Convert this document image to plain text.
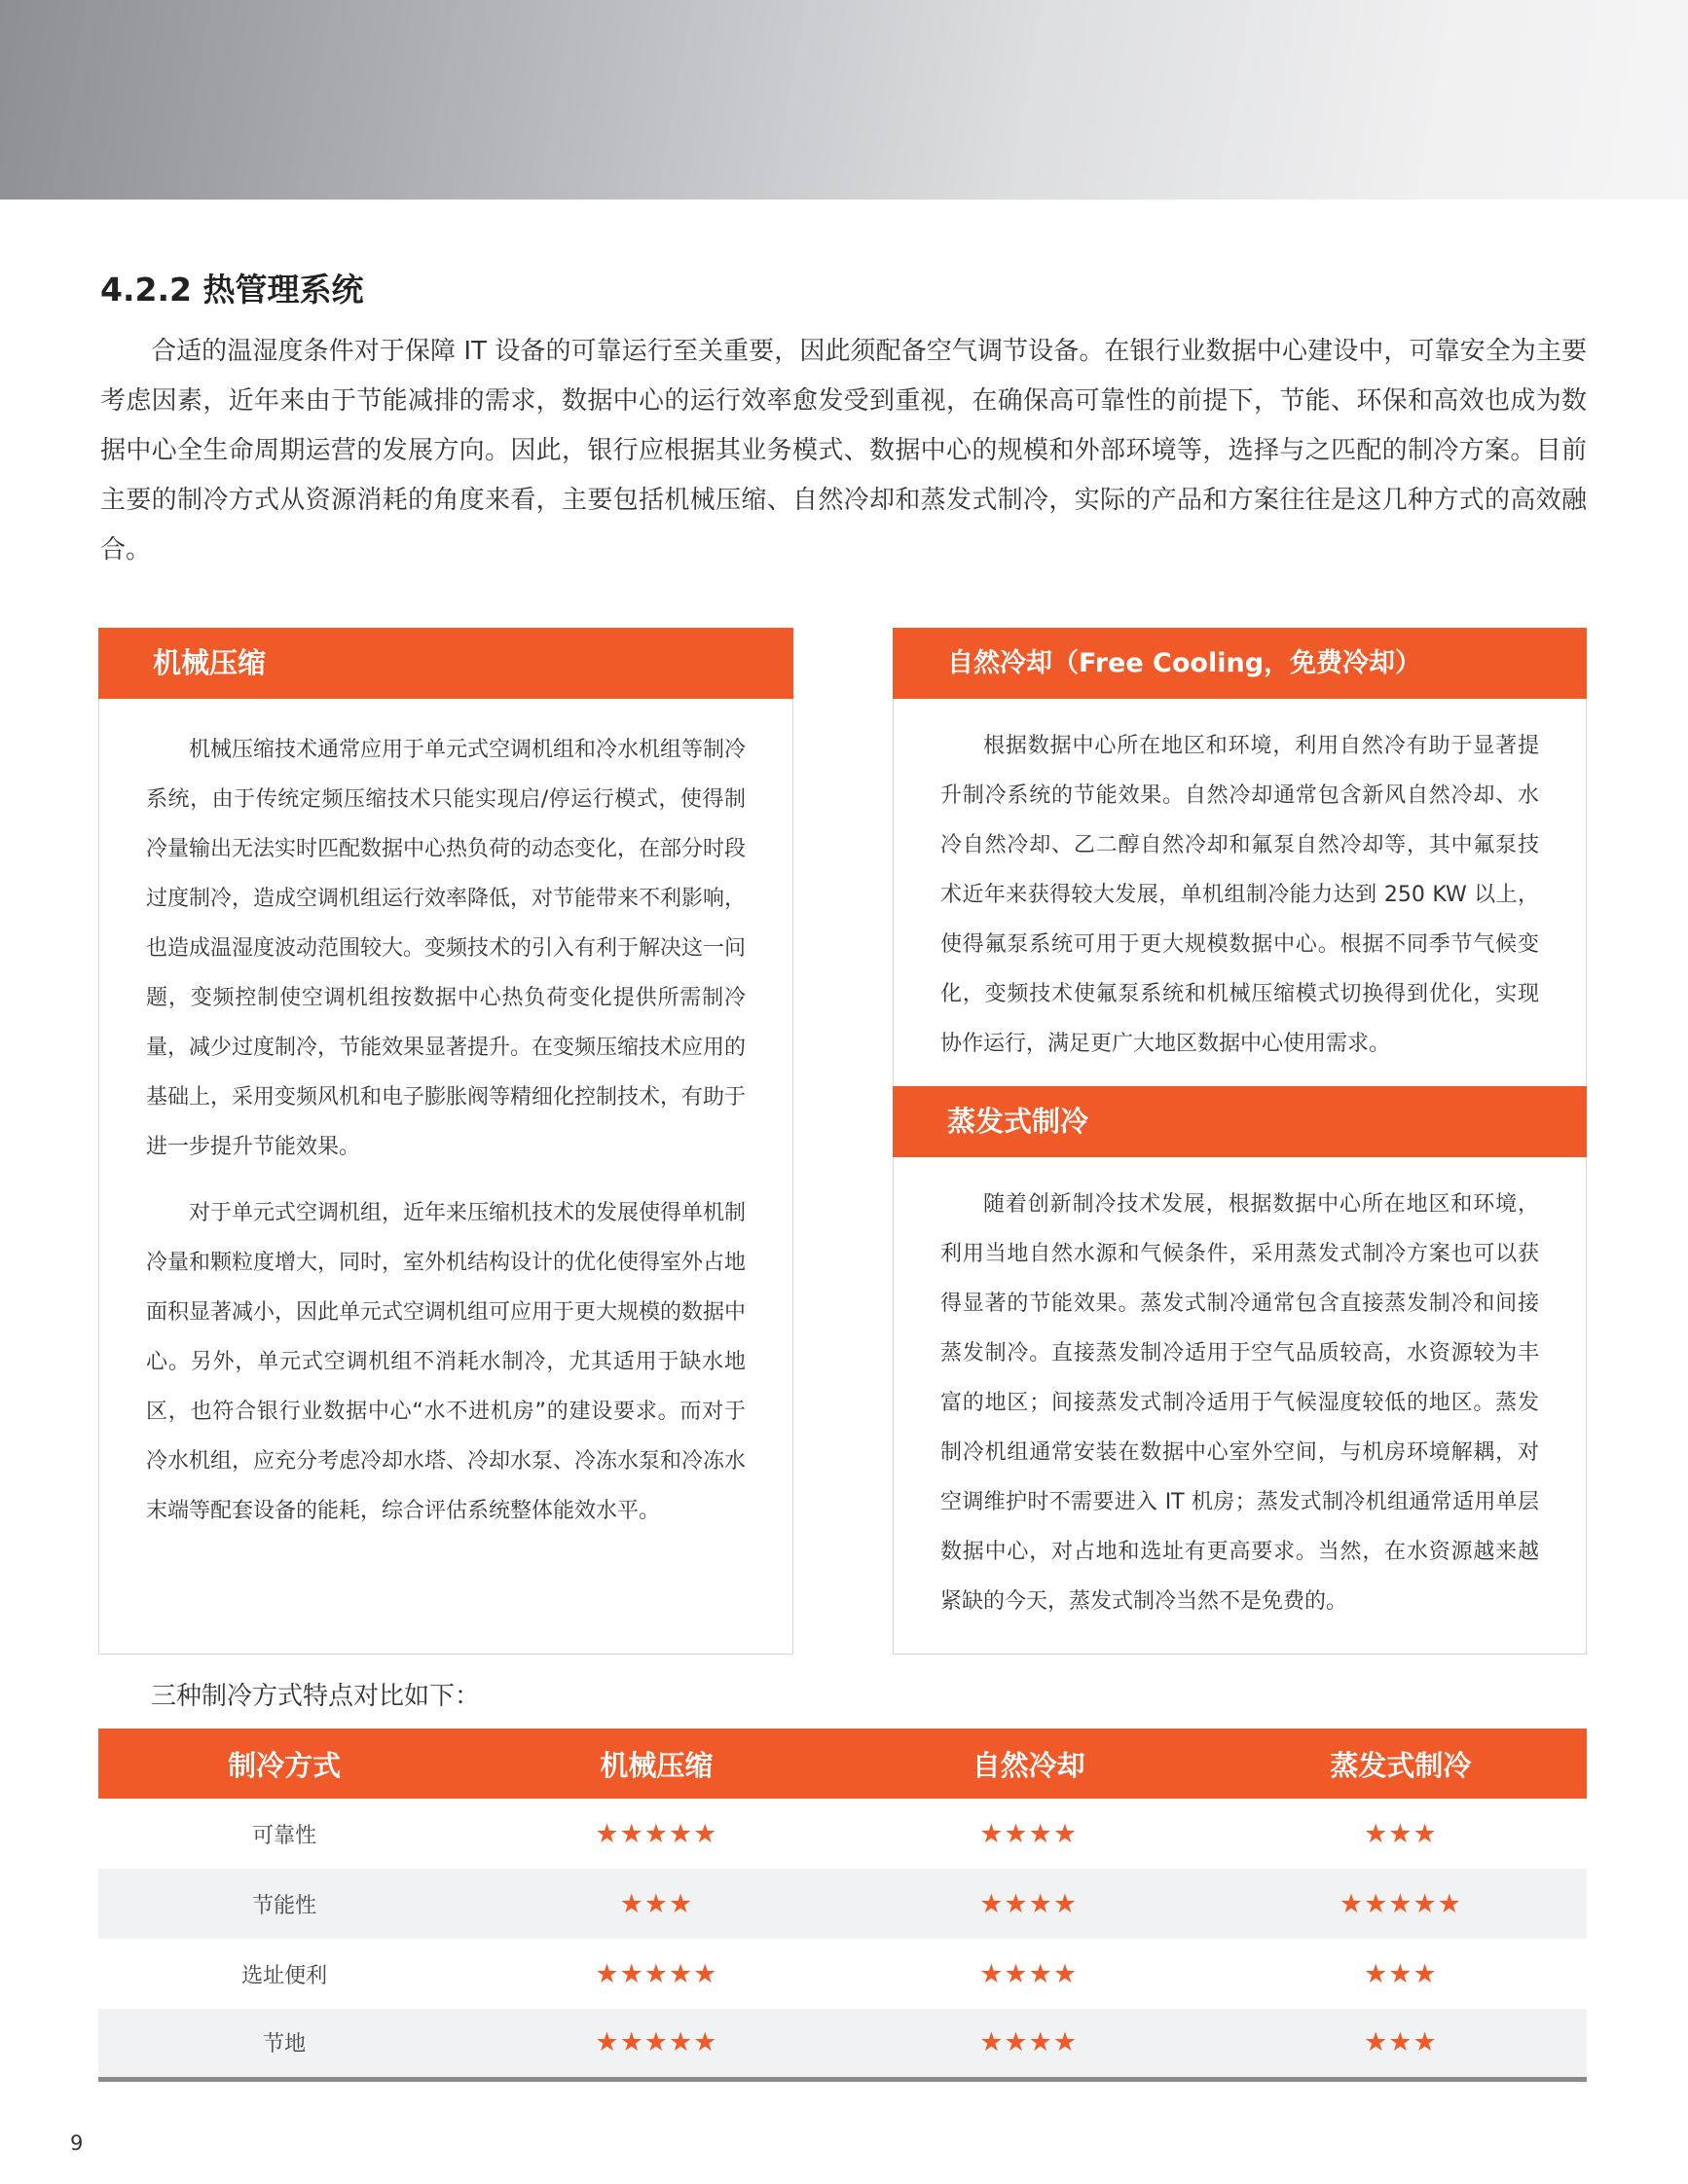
4.2.2 热管理系统

合适的温湿度条件对于保障 IT 设备的可靠运行至关重要，因此须配备空气调节设备。在银行业数据中心建设中，可靠安全为主要考虑因素，近年来由于节能减排的需求，数据中心的运行效率愈发受到重视，在确保高可靠性的前提下，节能、环保和高效也成为数据中心全生命周期运营的发展方向。因此，银行应根据其业务模式、数据中心的规模和外部环境等，选择与之匹配的制冷方案。目前主要的制冷方式从资源消耗的角度来看，主要包括机械压缩、自然冷却和蒸发式制冷，实际的产品和方案往往是这几种方式的高效融合。

机械压缩

机械压缩技术通常应用于单元式空调机组和冷水机组等制冷系统，由于传统定频压缩技术只能实现启/停运行模式，使得制冷量输出无法实时匹配数据中心热负荷的动态变化，在部分时段过度制冷，造成空调机组运行效率降低，对节能带来不利影响，也造成温湿度波动范围较大。变频技术的引入有利于解决这一问题，变频控制使空调机组按数据中心热负荷变化提供所需制冷量，减少过度制冷，节能效果显著提升。在变频压缩技术应用的基础上，采用变频风机和电子膨胀阀等精细化控制技术，有助于进一步提升节能效果。

对于单元式空调机组，近年来压缩机技术的发展使得单机制冷量和颗粒度增大，同时，室外机结构设计的优化使得室外占地面积显著减小，因此单元式空调机组可应用于更大规模的数据中心。另外，单元式空调机组不消耗水制冷，尤其适用于缺水地区，也符合银行业数据中心“水不进机房”的建设要求。而对于冷水机组，应充分考虑冷却水塔、冷却水泵、冷冻水泵和冷冻水末端等配套设备的能耗，综合评估系统整体能效水平。

自然冷却（Free Cooling，免费冷却）

根据数据中心所在地区和环境，利用自然冷有助于显著提升制冷系统的节能效果。自然冷却通常包含新风自然冷却、水冷自然冷却、乙二醇自然冷却和氟泵自然冷却等，其中氟泵技术近年来获得较大发展，单机组制冷能力达到 250 KW 以上，使得氟泵系统可用于更大规模数据中心。根据不同季节气候变化，变频技术使氟泵系统和机械压缩模式切换得到优化，实现协作运行，满足更广大地区数据中心使用需求。

蒸发式制冷

随着创新制冷技术发展，根据数据中心所在地区和环境，利用当地自然水源和气候条件，采用蒸发式制冷方案也可以获得显著的节能效果。蒸发式制冷通常包含直接蒸发制冷和间接蒸发制冷。直接蒸发制冷适用于空气品质较高，水资源较为丰富的地区；间接蒸发式制冷适用于气候湿度较低的地区。蒸发制冷机组通常安装在数据中心室外空间，与机房环境解耦，对空调维护时不需要进入 IT 机房；蒸发式制冷机组通常适用单层数据中心，对占地和选址有更高要求。当然，在水资源越来越紧缺的今天，蒸发式制冷当然不是免费的。

三种制冷方式特点对比如下：
制冷方式	机械压缩	自然冷却	蒸发式制冷
可靠性	★★★★★	★★★★	★★★
节能性	★★★	★★★★	★★★★★
选址便利	★★★★★	★★★★	★★★
节地	★★★★★	★★★★	★★★
9
